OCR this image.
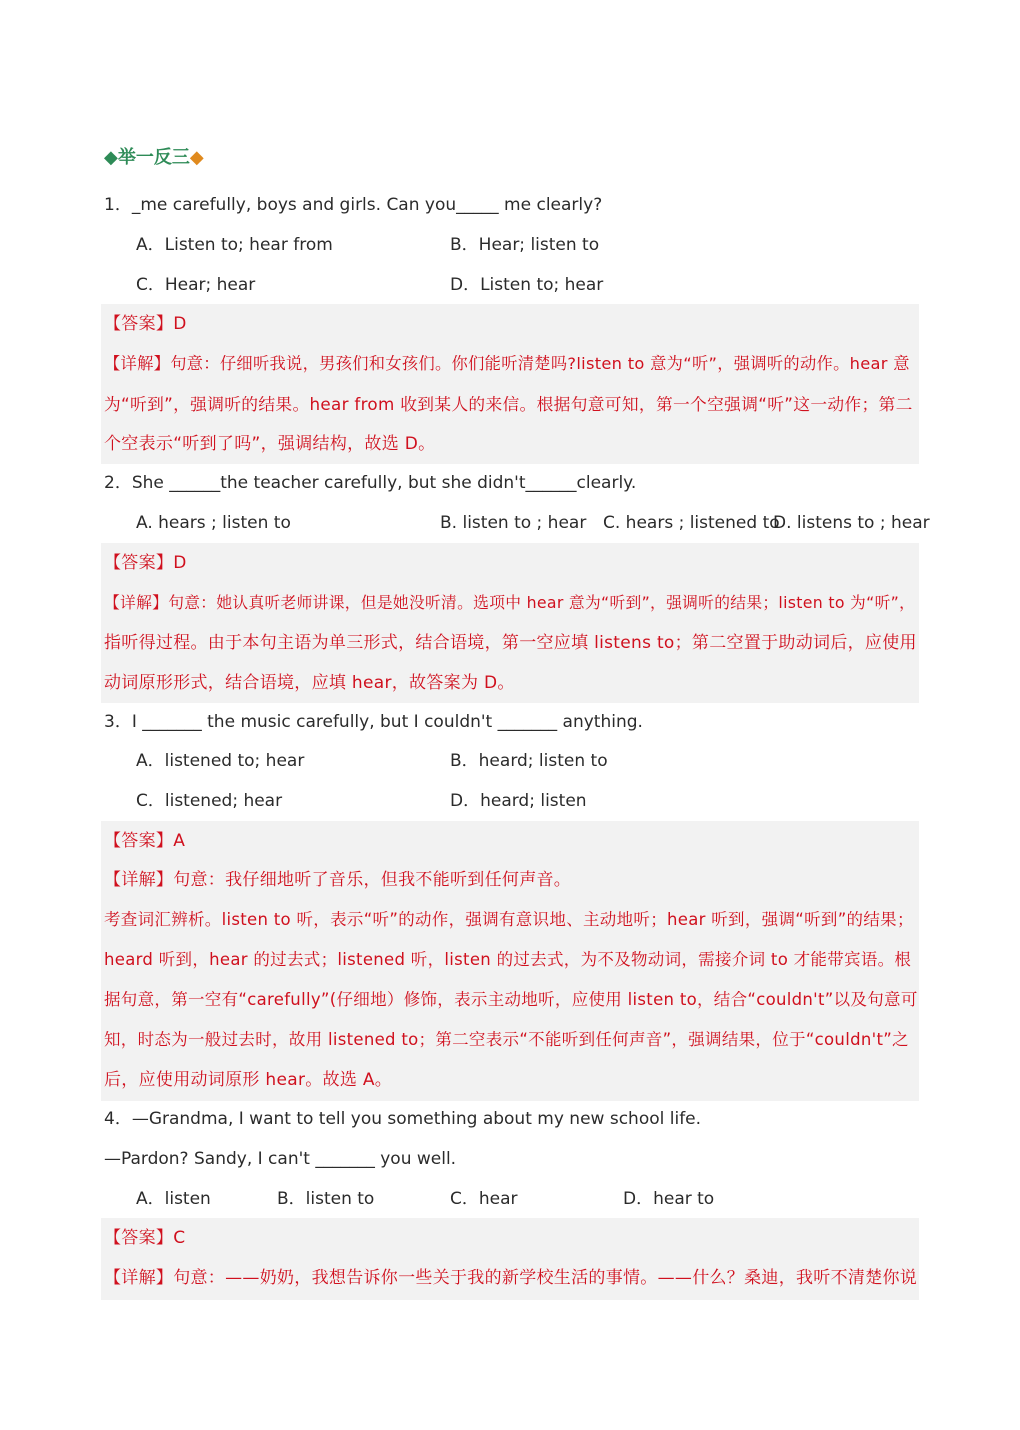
◆举一反三◆
1．_me carefully, boys and girls. Can you_____ me clearly?
A．Listen to; hear from	B．Hear; listen to
C．Hear; hear	D．Listen to; hear
【答案】D
【详解】句意：仔细听我说，男孩们和女孩们。你们能听清楚吗?listen to 意为“听”，强调听的动作。hear 意
为“听到”，强调听的结果。hear from 收到某人的来信。根据句意可知，第一个空强调“听”这一动作；第二
个空表示“听到了吗”，强调结构，故选 D。
2．She ______the teacher carefully, but she didn't______clearly.
A. hears ; listen to	B. listen to ; hear C. hears ; listened to
D. listens to ; hear
【答案】D
【详解】句意：她认真听老师讲课，但是她没听清。选项中 hear 意为“听到”，强调听的结果；listen to 为“听”，
指听得过程。由于本句主语为单三形式，结合语境，第一空应填 listens to；第二空置于助动词后，应使用
动词原形形式，结合语境，应填 hear，故答案为 D。
3．I _______ the music carefully, but I couldn't _______ anything.
A．listened to; hear	B．heard; listen to
C．listened; hear	D．heard; listen
【答案】A
【详解】句意：我仔细地听了音乐，但我不能听到任何声音。
考查词汇辨析。listen to 听，表示“听”的动作，强调有意识地、主动地听；hear 听到，强调“听到”的结果；
heard 听到，hear 的过去式；listened 听，listen 的过去式，为不及物动词，需接介词 to 才能带宾语。根
据句意，第一空有“carefully”(仔细地）修饰，表示主动地听，应使用 listen to，结合“couldn't”以及句意可
知，时态为一般过去时，故用 listened to；第二空表示“不能听到任何声音”，强调结果，位于“couldn't”之
后，应使用动词原形 hear。故选 A。
4．—Grandma, I want to tell you something about my new school life.
—Pardon? Sandy, I can't _______ you well.
A．listen	B．listen to	C．hear	D．hear to
【答案】C
【详解】句意：——奶奶，我想告诉你一些关于我的新学校生活的事情。——什么？桑迪，我听不清楚你说
